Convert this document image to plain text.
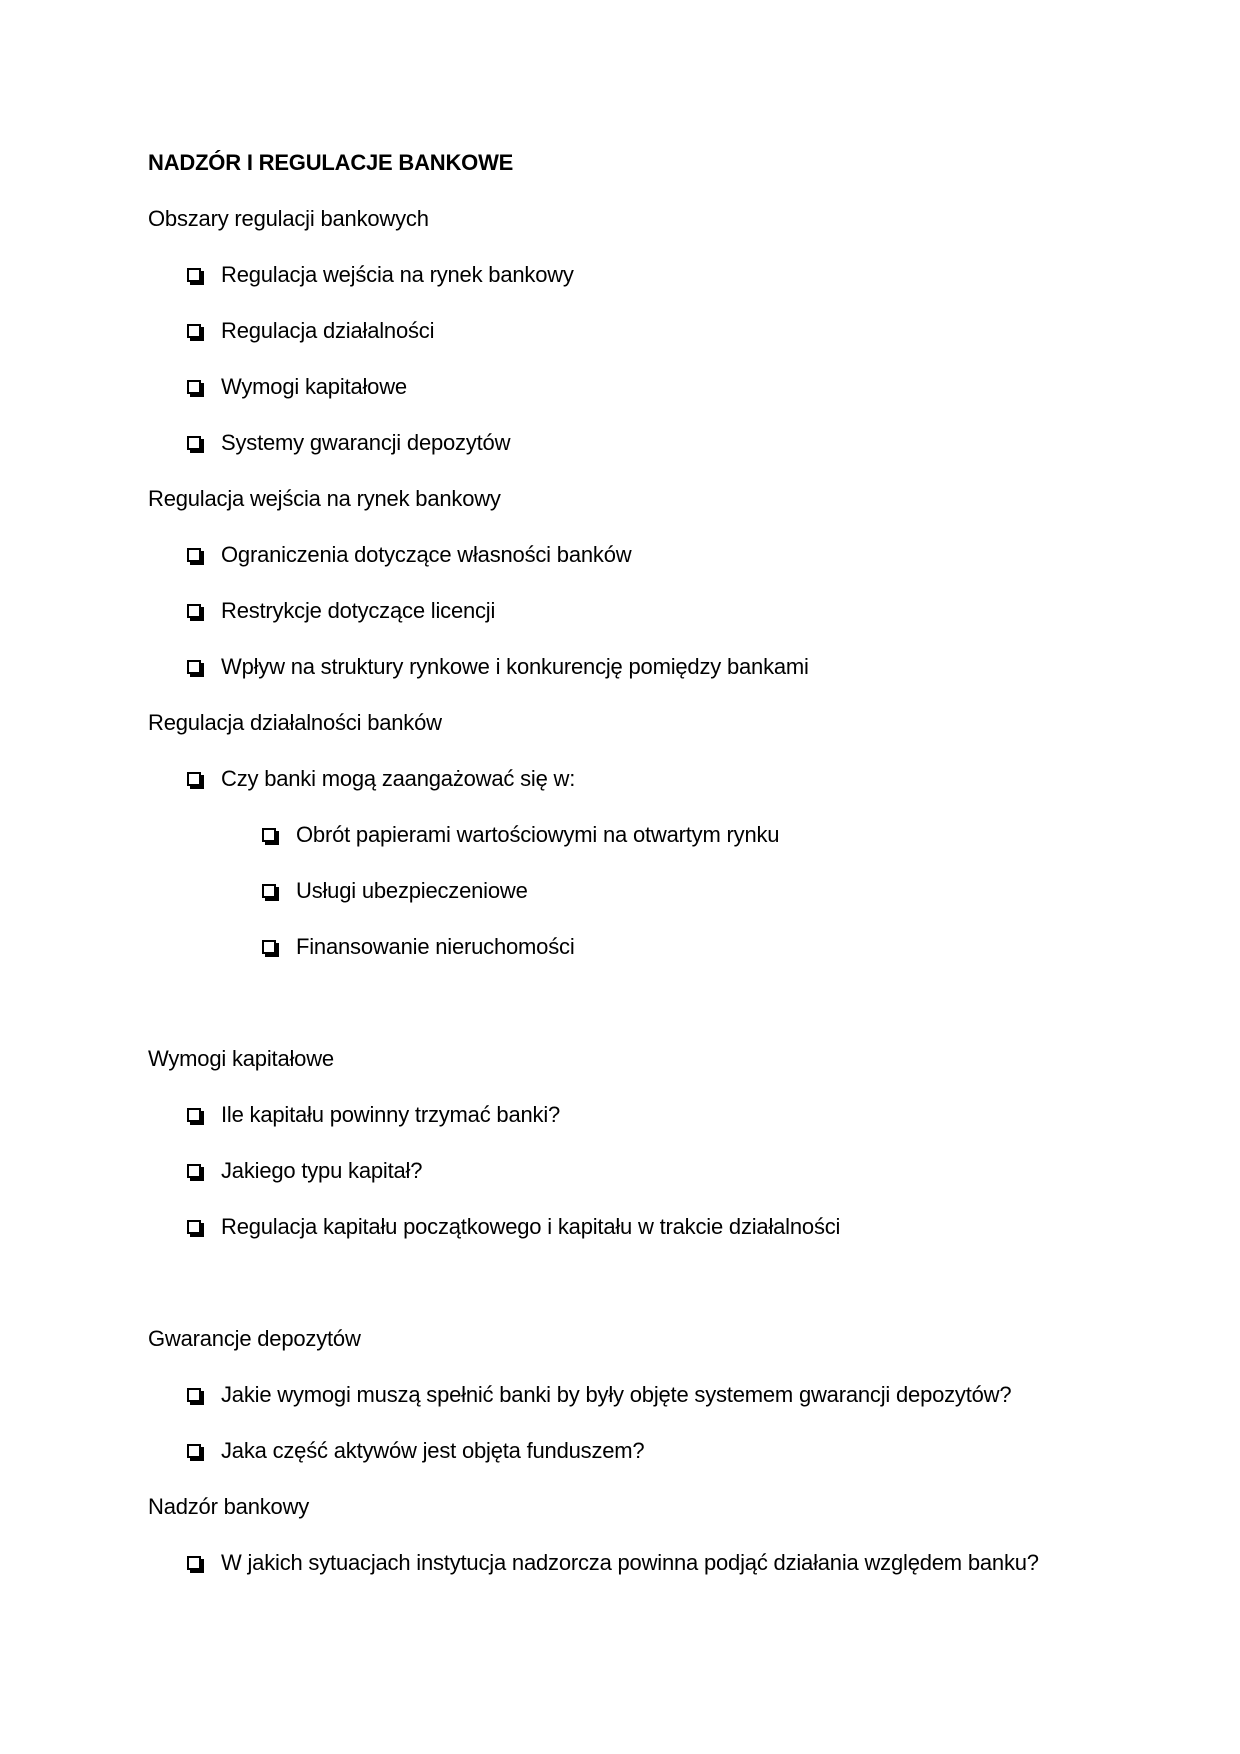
NADZÓR I REGULACJE BANKOWE
Obszary regulacji bankowych
Regulacja wejścia na rynek bankowy
Regulacja działalności
Wymogi kapitałowe
Systemy gwarancji depozytów
Regulacja wejścia na rynek bankowy
Ograniczenia dotyczące własności banków
Restrykcje dotyczące licencji
Wpływ na struktury rynkowe i konkurencję pomiędzy bankami
Regulacja działalności banków
Czy banki mogą zaangażować się w:
Obrót papierami wartościowymi na otwartym rynku
Usługi ubezpieczeniowe
Finansowanie nieruchomości
Wymogi kapitałowe
Ile kapitału powinny trzymać banki?
Jakiego typu kapitał?
Regulacja kapitału początkowego i kapitału w trakcie działalności
Gwarancje depozytów
Jakie wymogi muszą spełnić banki by były objęte systemem gwarancji depozytów?
Jaka część aktywów jest objęta funduszem?
Nadzór bankowy
W jakich sytuacjach instytucja nadzorcza powinna podjąć działania względem banku?
